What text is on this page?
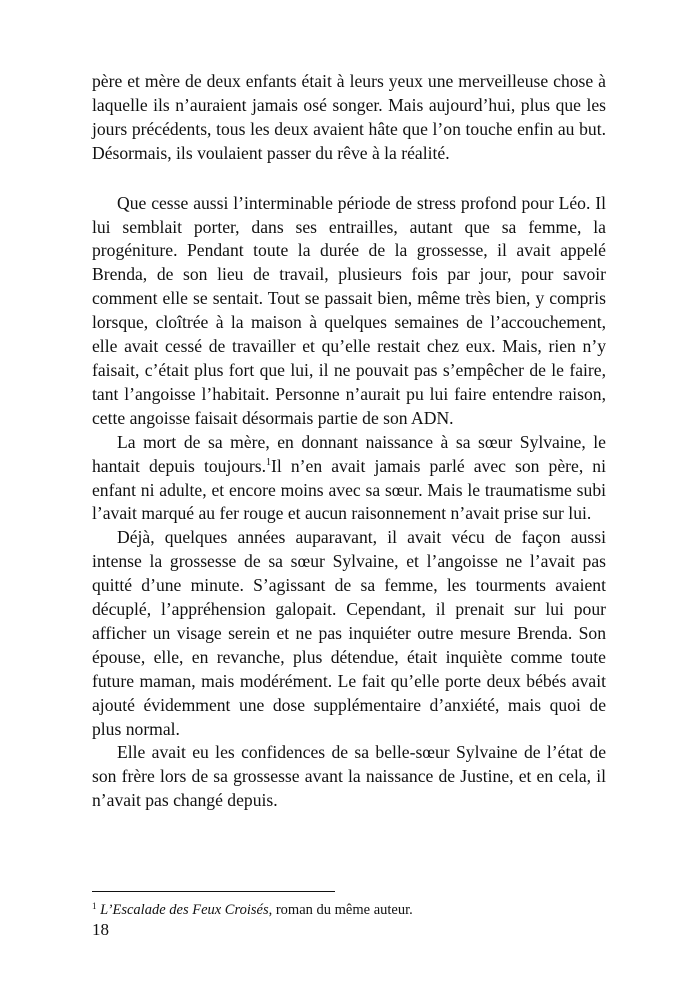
père et mère de deux enfants était à leurs yeux une merveilleuse chose à laquelle ils n’auraient jamais osé songer. Mais aujourd’hui, plus que les jours précédents, tous les deux avaient hâte que l’on touche enfin au but. Désormais, ils voulaient passer du rêve à la réalité.

Que cesse aussi l’interminable période de stress profond pour Léo. Il lui semblait porter, dans ses entrailles, autant que sa femme, la progéniture. Pendant toute la durée de la grossesse, il avait appelé Brenda, de son lieu de travail, plusieurs fois par jour, pour savoir comment elle se sentait. Tout se passait bien, même très bien, y compris lorsque, cloîtrée à la maison à quelques semaines de l’accouchement, elle avait cessé de travailler et qu’elle restait chez eux. Mais, rien n’y faisait, c’était plus fort que lui, il ne pouvait pas s’empêcher de le faire, tant l’angoisse l’habitait. Personne n’aurait pu lui faire entendre raison, cette angoisse faisait désormais partie de son ADN.

La mort de sa mère, en donnant naissance à sa sœur Sylvaine, le hantait depuis toujours.$^1$Il n’en avait jamais parlé avec son père, ni enfant ni adulte, et encore moins avec sa sœur. Mais le traumatisme subi l’avait marqué au fer rouge et aucun raisonnement n’avait prise sur lui.

Déjà, quelques années auparavant, il avait vécu de façon aussi intense la grossesse de sa sœur Sylvaine, et l’angoisse ne l’avait pas quitté d’une minute. S’agissant de sa femme, les tourments avaient décuplé, l’appréhension galopait. Cependant, il prenait sur lui pour afficher un visage serein et ne pas inquiéter outre mesure Brenda. Son épouse, elle, en revanche, plus détendue, était inquiète comme toute future maman, mais modérément. Le fait qu’elle porte deux bébés avait ajouté évidemment une dose supplémentaire d’anxiété, mais quoi de plus normal.

Elle avait eu les confidences de sa belle-sœur Sylvaine de l’état de son frère lors de sa grossesse avant la naissance de Justine, et en cela, il n’avait pas changé depuis.

$^1$ L’Escalade des Feux Croisés, roman du même auteur.
18
